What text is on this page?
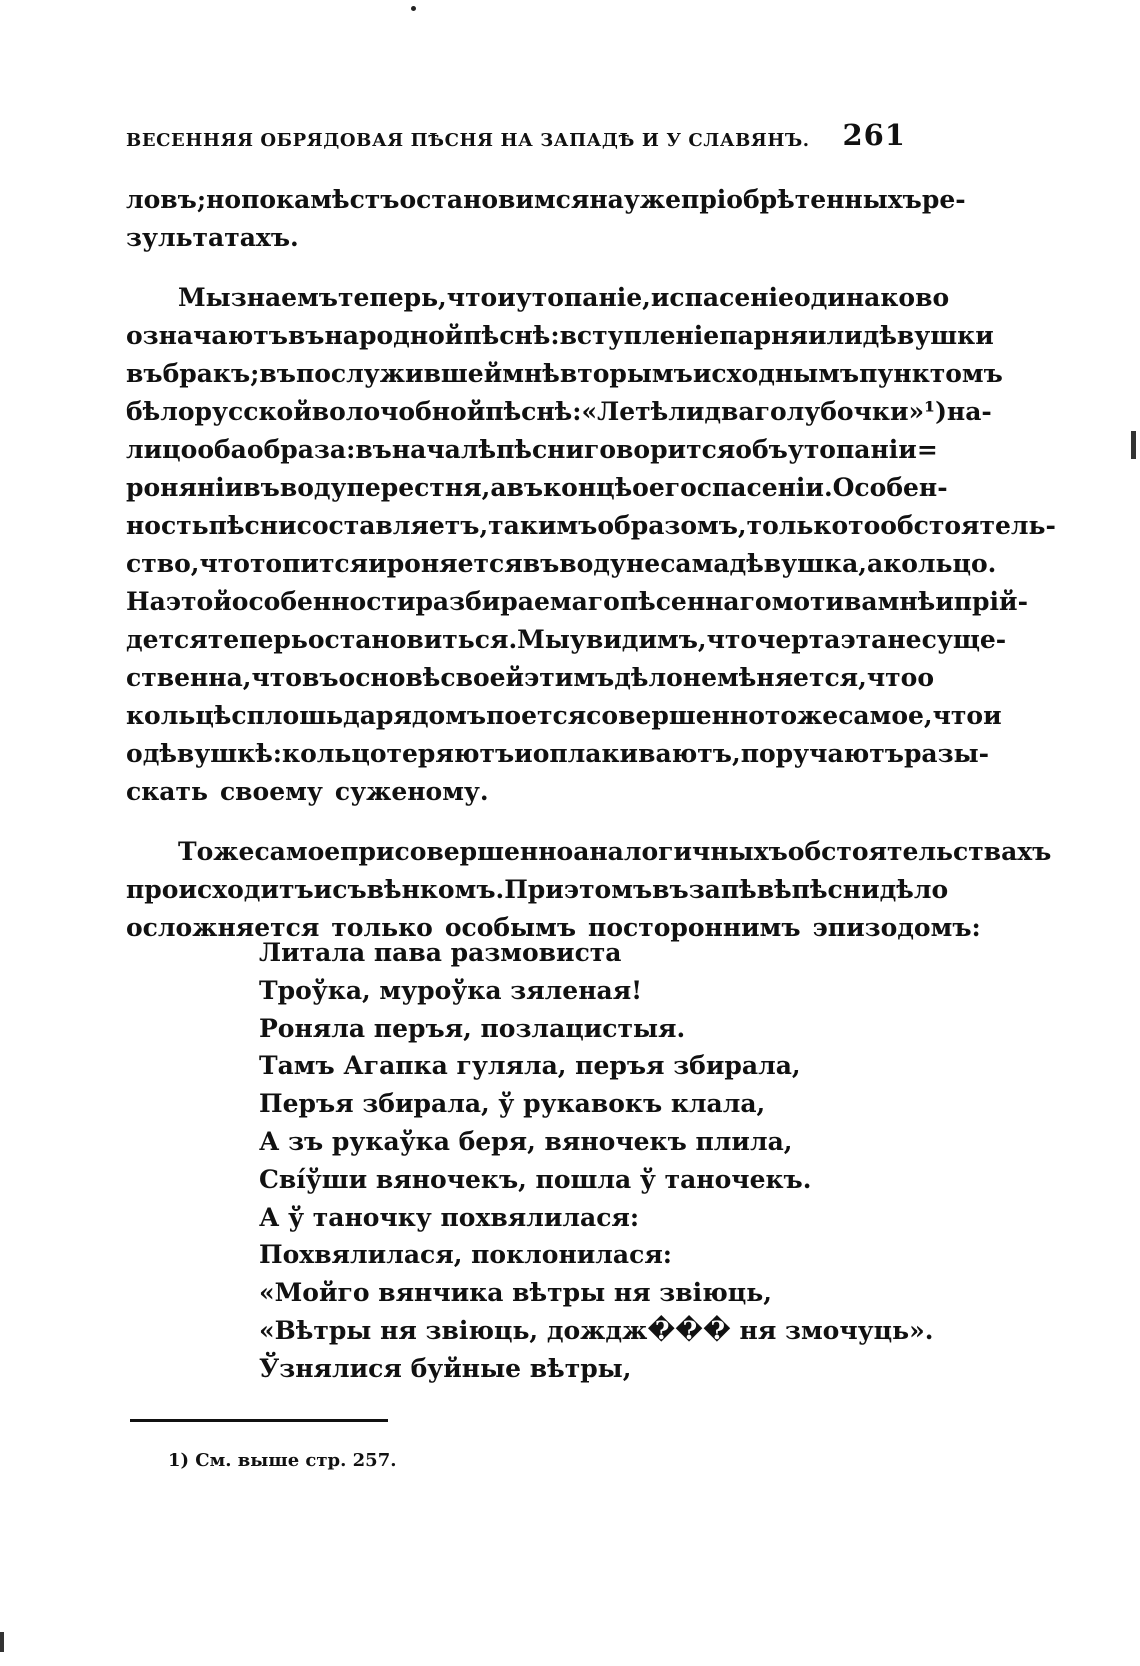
ВЕСЕННЯЯ ОБРЯДОВАЯ ПѢСНЯ НА ЗАПАДѢ И У СЛАВЯНЪ. 261
ловъ; но покамѣстъ остановимся на уже пріобрѣтенныхъ ре-
зультатахъ.
Мы знаемъ теперь, что и утопаніе, и спасеніе одинаково
означаютъ въ народной пѣснѣ: вступленіе парня или дѣвушки
въ бракъ; въ послужившей мнѣ вторымъ исходнымъ пунктомъ
бѣлорусской волочобной пѣснѣ: «Летѣли два голубочки»¹) на-
лицо оба образа: въ началѣ пѣсни говорится объ утопаніи =
роняніи въ воду перестня, а въ концѣ о его спасеніи. Особен-
ность пѣсни составляетъ, такимъ образомъ, только то обстоятель-
ство, что топится и роняется въ воду не сама дѣвушка, а кольцо.
На этой особенности разбираемаго пѣсеннаго мотива мнѣ и прій-
дется теперь остановиться. Мы увидимъ, что черта эта не суще-
ственна, что въ основѣ своей этимъ дѣло не мѣняется, что о
кольцѣ сплошь да рядомъ поется совершенно то же самое, что и
о дѣвушкѣ: кольцо теряютъ и оплакиваютъ, поручаютъ разы-
скать своему суженому.
То же самое при совершенно аналогичныхъ обстоятельствахъ
происходитъ и съ вѣнкомъ. При этомъ въ запѣвѣ пѣсни дѣло
осложняется только особымъ постороннимъ эпизодомъ:
Литала пава размовиста
Троўка, муроўка зяленая!
Роняла перъя, позлацистыя.
Тамъ Агапка гуляла, перъя збирала,
Перъя збирала, ў рукавокъ клала,
А зъ рукаўка беря, вяночекъ плила,
Сві́ўши вяночекъ, пошла ў таночекъ.
А ў таночку похвялилася:
Похвялилася, поклонилася:
«Мойго вянчика вѣтры ня звіюць,
«Вѣтры ня звіюць, дождж��� ня змочуць».
Ўзнялися буйные вѣтры,
1) См. выше стр. 257.
